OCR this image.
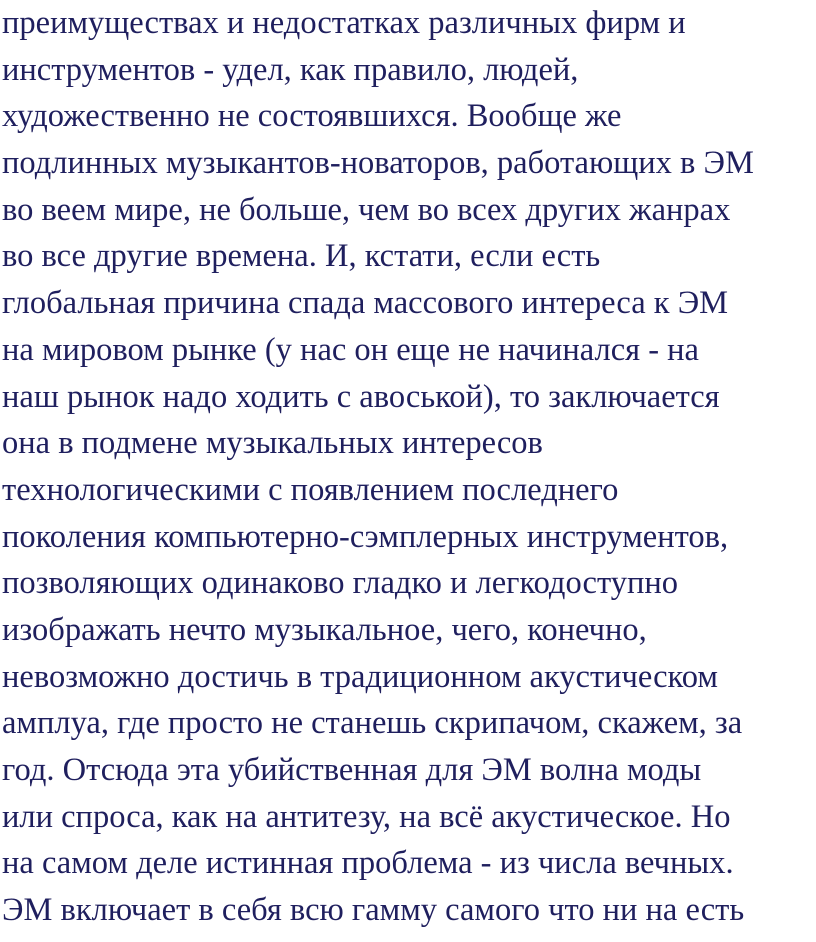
преимуществах и недостатках различных фирм и
инструментов - удел, как правило, людей,
художественно не состоявшихся. Вообще же
подлинных музыкантов-новаторов, работающих в ЭМ
во веем мире, не больше, чем во всех других жанрах
во все другие времена. И, кстати, если есть
глобальная причина спада массового интереса к ЭМ
на мировом рынке (у нас он еще не начинался - на
наш рынок надо ходить с авоськой), то заключается
она в подмене музыкальных интересов
технологическими с появлением последнего
поколения компьютерно-сэмплерных инструментов,
позволяющих одинаково гладко и легкодоступно
изображать нечто музыкальное, чего, конечно,
невозможно достичь в традиционном акустическом
амплуа, где просто не станешь скрипачом, скажем, за
год. Отсюда эта убийственная для ЭМ волна моды
или спроса, как на антитезу, на всё акустическое. Но
на самом деле истинная проблема - из числа вечных.
ЭМ включает в себя всю гамму самого что ни на есть
